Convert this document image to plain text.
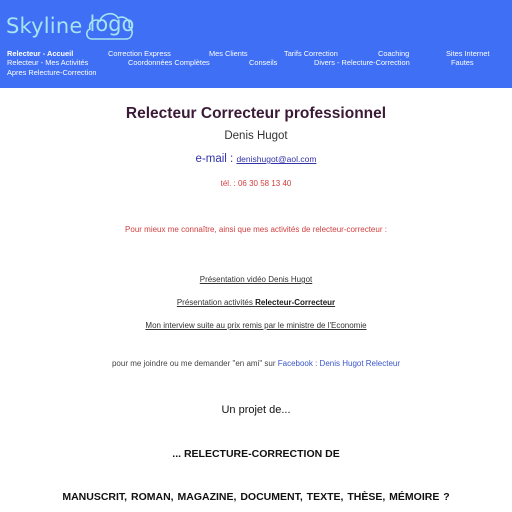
Skyline logo
Relecteur - Accueil	Correction Express	Mes Clients	Tarifs Correction	Coaching	Sites Internet
Relecteur - Mes Activités	Coordonnées Complètes	Conseils	Divers - Relecture-Correction	Fautes
Apres Relecture-Correction
Relecteur Correcteur professionnel
Denis Hugot
e-mail : denishugot@aol.com
tél. : 06 30 58 13 40
Pour mieux me connaître, ainsi que mes activités de relecteur-correcteur :
Présentation vidéo Denis Hugot
Présentation activités Relecteur-Correcteur
Mon interview suite au prix remis par le ministre de l'Economie
pour me joindre ou me demander "en ami" sur Facebook : Denis Hugot Relecteur
Un projet de...
... RELECTURE-CORRECTION DE
MANUSCRIT, ROMAN, MAGAZINE, DOCUMENT, TEXTE, THÈSE, MÉMOIRE ?
